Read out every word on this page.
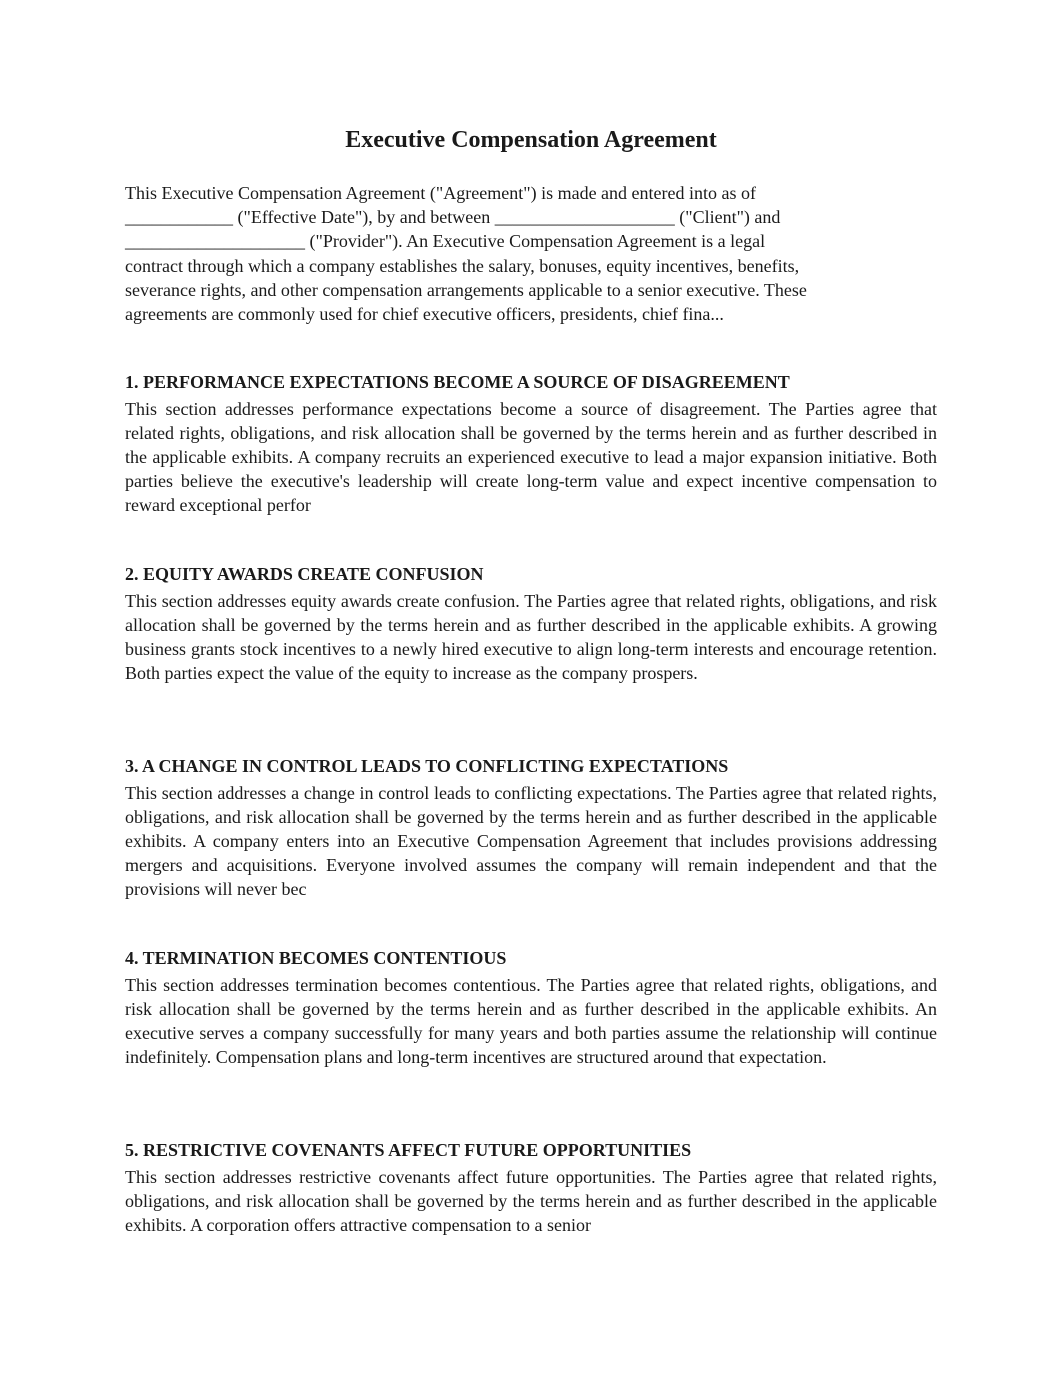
Executive Compensation Agreement

This Executive Compensation Agreement ("Agreement") is made and entered into as of

____________ ("Effective Date"), by and between ____________________ ("Client") and

____________________ ("Provider"). An Executive Compensation Agreement is a legal

contract through which a company establishes the salary, bonuses, equity incentives, benefits,

severance rights, and other compensation arrangements applicable to a senior executive. These

agreements are commonly used for chief executive officers, presidents, chief fina...

1. PERFORMANCE EXPECTATIONS BECOME A SOURCE OF DISAGREEMENT

This section addresses performance expectations become a source of disagreement. The Parties agree that related rights, obligations, and risk allocation shall be governed by the terms herein and as further described in the applicable exhibits. A company recruits an experienced executive to lead a major expansion initiative. Both parties believe the executive's leadership will create long-term value and expect incentive compensation to reward exceptional perfor

2. EQUITY AWARDS CREATE CONFUSION

This section addresses equity awards create confusion. The Parties agree that related rights, obligations, and risk allocation shall be governed by the terms herein and as further described in the applicable exhibits. A growing business grants stock incentives to a newly hired executive to align long-term interests and encourage retention. Both parties expect the value of the equity to increase as the company prospers.

3. A CHANGE IN CONTROL LEADS TO CONFLICTING EXPECTATIONS

This section addresses a change in control leads to conflicting expectations. The Parties agree that related rights, obligations, and risk allocation shall be governed by the terms herein and as further described in the applicable exhibits. A company enters into an Executive Compensation Agreement that includes provisions addressing mergers and acquisitions. Everyone involved assumes the company will remain independent and that the provisions will never bec

4. TERMINATION BECOMES CONTENTIOUS

This section addresses termination becomes contentious. The Parties agree that related rights, obligations, and risk allocation shall be governed by the terms herein and as further described in the applicable exhibits. An executive serves a company successfully for many years and both parties assume the relationship will continue indefinitely. Compensation plans and long-term incentives are structured around that expectation.

5. RESTRICTIVE COVENANTS AFFECT FUTURE OPPORTUNITIES

This section addresses restrictive covenants affect future opportunities. The Parties agree that related rights, obligations, and risk allocation shall be governed by the terms herein and as further described in the applicable exhibits. A corporation offers attractive compensation to a senior
